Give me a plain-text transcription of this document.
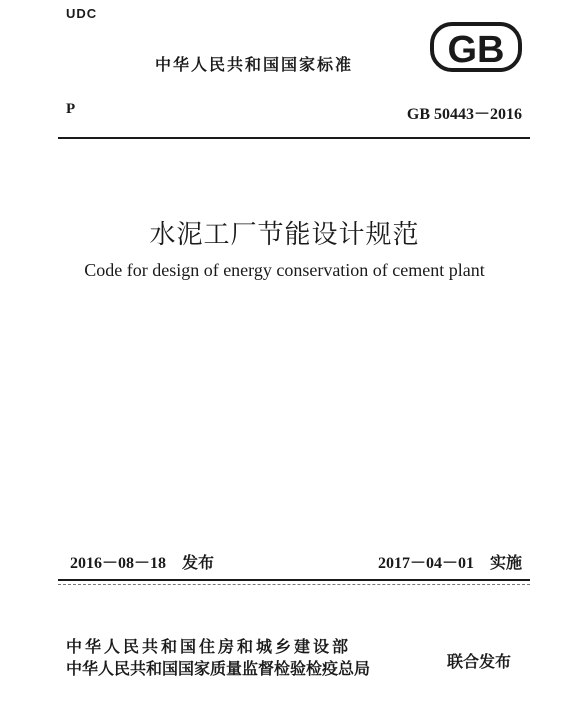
UDC
中华人民共和国国家标准 GB
P	GB 50443－2016
水泥工厂节能设计规范
Code for design of energy conservation of cement plant
2016－08－18　发布	2017－04－01　实施
中华人民共和国住房和城乡建设部
中华人民共和国国家质量监督检验检疫总局	联合发布
